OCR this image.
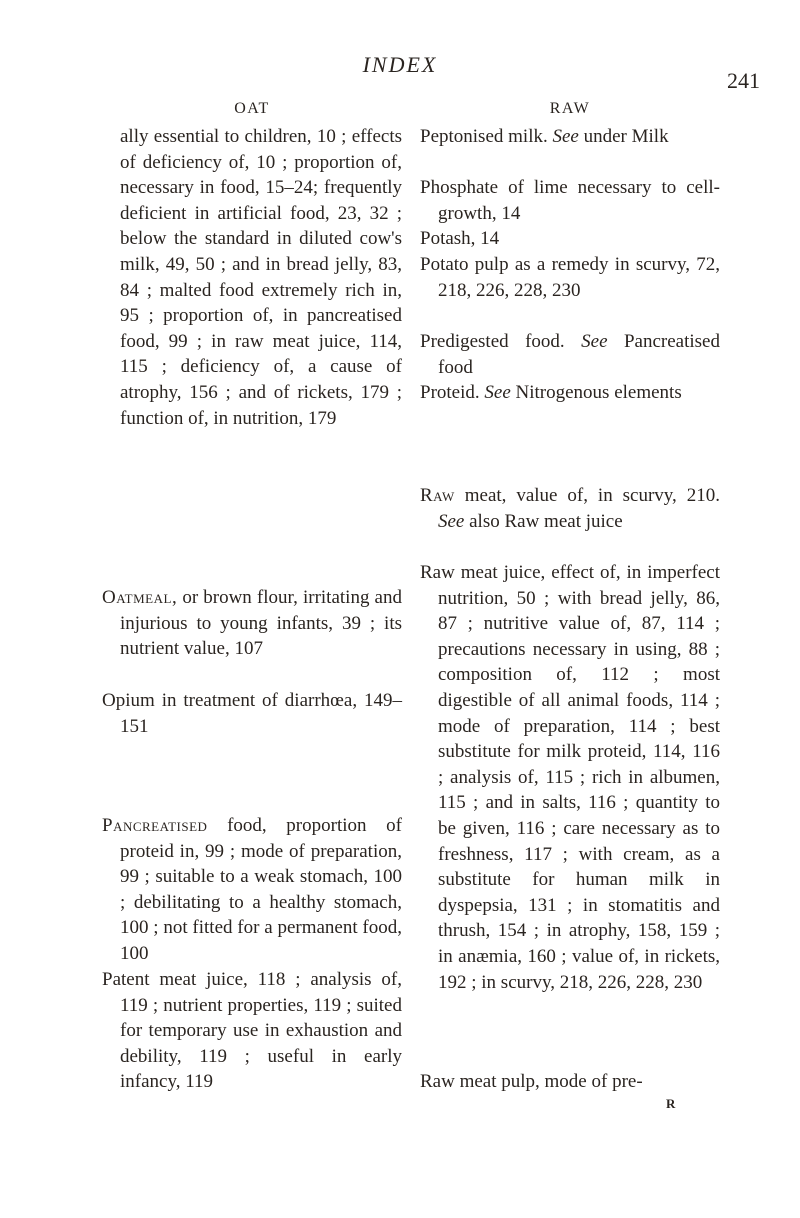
INDEX
241
OAT
ally essential to children, 10 ; effects of deficiency of, 10 ; proportion of, necessary in food, 15–24; frequently deficient in artificial food, 23, 32 ; below the standard in diluted cow's milk, 49, 50 ; and in bread jelly, 83, 84 ; malted food extremely rich in, 95 ; proportion of, in pancreatised food, 99 ; in raw meat juice, 114, 115 ; deficiency of, a cause of atrophy, 156 ; and of rickets, 179 ; function of, in nutrition, 179
Oatmeal, or brown flour, irritating and injurious to young infants, 39 ; its nutrient value, 107
Opium in treatment of diarrhœa, 149–151
Pancreatised food, proportion of proteid in, 99 ; mode of preparation, 99 ; suitable to a weak stomach, 100 ; debilitating to a healthy stomach, 100 ; not fitted for a permanent food, 100
Patent meat juice, 118 ; analysis of, 119 ; nutrient properties, 119 ; suited for temporary use in exhaustion and debility, 119 ; useful in early infancy, 119
RAW
Peptonised milk. See under Milk
Phosphate of lime necessary to cell-growth, 14
Potash, 14
Potato pulp as a remedy in scurvy, 72, 218, 226, 228, 230
Predigested food. See Pancreatised food
Proteid. See Nitrogenous elements
Raw meat, value of, in scurvy, 210. See also Raw meat juice
Raw meat juice, effect of, in imperfect nutrition, 50 ; with bread jelly, 86, 87 ; nutritive value of, 87, 114 ; precautions necessary in using, 88 ; composition of, 112 ; most digestible of all animal foods, 114 ; mode of preparation, 114 ; best substitute for milk proteid, 114, 116 ; analysis of, 115 ; rich in albumen, 115 ; and in salts, 116 ; quantity to be given, 116 ; care necessary as to freshness, 117 ; with cream, as a substitute for human milk in dyspepsia, 131 ; in stomatitis and thrush, 154 ; in atrophy, 158, 159 ; in anæmia, 160 ; value of, in rickets, 192 ; in scurvy, 218, 226, 228, 230
Raw meat pulp, mode of pre-
R
